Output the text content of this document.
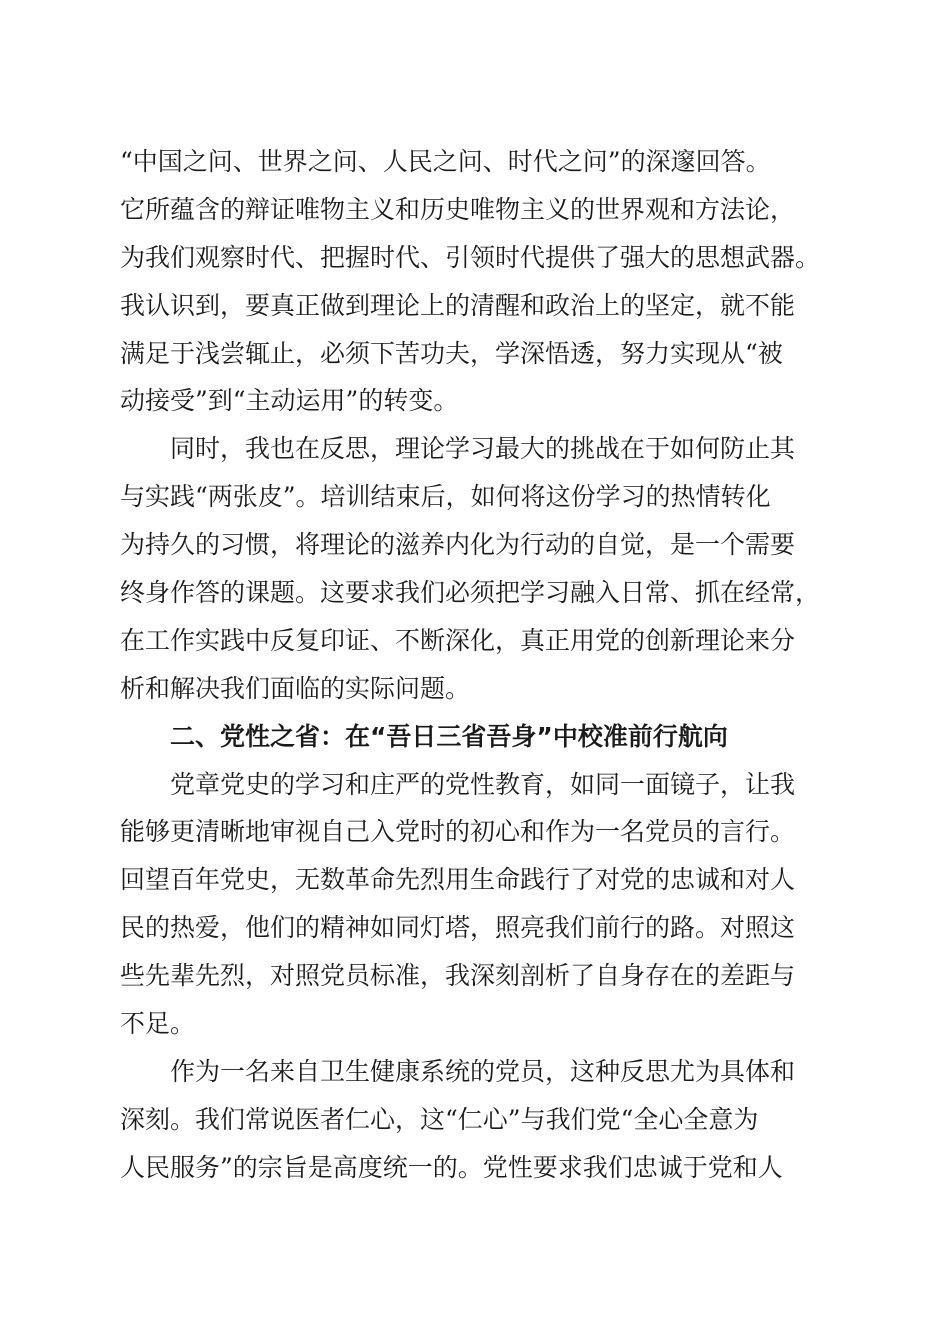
“中国之问、世界之问、人民之问、时代之问”的深邃回答。
它所蕴含的辩证唯物主义和历史唯物主义的世界观和方法论，
为我们观察时代、把握时代、引领时代提供了强大的思想武器。
我认识到，要真正做到理论上的清醒和政治上的坚定，就不能
满足于浅尝辄止，必须下苦功夫，学深悟透，努力实现从“被
动接受”到“主动运用”的转变。
同时，我也在反思，理论学习最大的挑战在于如何防止其
与实践“两张皮”。培训结束后，如何将这份学习的热情转化
为持久的习惯，将理论的滋养内化为行动的自觉，是一个需要
终身作答的课题。这要求我们必须把学习融入日常、抓在经常，
在工作实践中反复印证、不断深化，真正用党的创新理论来分
析和解决我们面临的实际问题。
二、党性之省：在“吾日三省吾身”中校准前行航向
党章党史的学习和庄严的党性教育，如同一面镜子，让我
能够更清晰地审视自己入党时的初心和作为一名党员的言行。
回望百年党史，无数革命先烈用生命践行了对党的忠诚和对人
民的热爱，他们的精神如同灯塔，照亮我们前行的路。对照这
些先辈先烈，对照党员标准，我深刻剖析了自身存在的差距与
不足。
作为一名来自卫生健康系统的党员，这种反思尤为具体和
深刻。我们常说医者仁心，这“仁心”与我们党“全心全意为
人民服务”的宗旨是高度统一的。党性要求我们忠诚于党和人
